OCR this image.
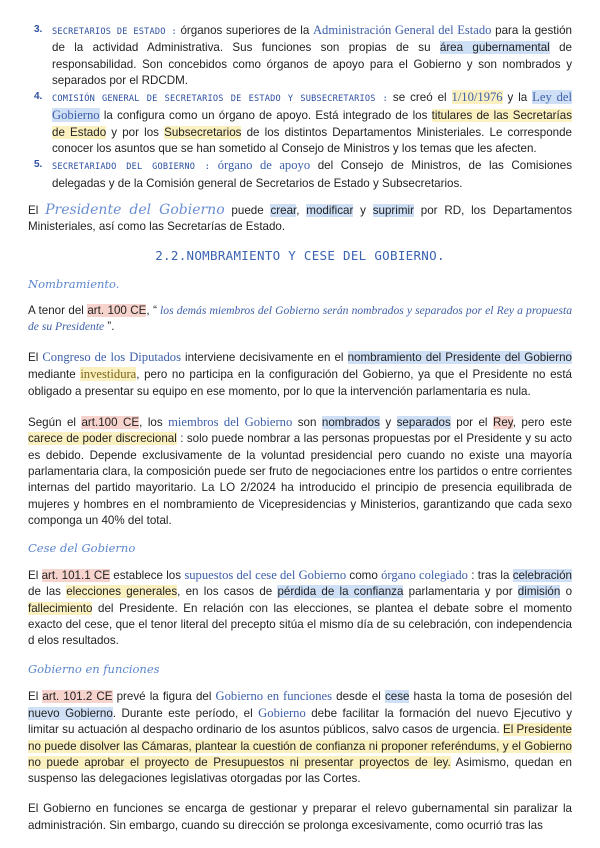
3. SECRETARIOS DE ESTADO : órganos superiores de la Administración General del Estado para la gestión de la actividad Administrativa. Sus funciones son propias de su área gubernamental de responsabilidad. Son concebidos como órganos de apoyo para el Gobierno y son nombrados y separados por el RDCDM.

4. COMISIÓN GENERAL DE SECRETARIOS DE ESTADO Y SUBSECRETARIOS : se creó el 1/10/1976 y la Ley del Gobierno la configura como un órgano de apoyo. Está integrado de los titulares de las Secretarías de Estado y por los Subsecretarios de los distintos Departamentos Ministeriales. Le corresponde conocer los asuntos que se han sometido al Consejo de Ministros y los temas que les afecten.

5. SECRETARIADO DEL GOBIERNO : órgano de apoyo del Consejo de Ministros, de las Comisiones delegadas y de la Comisión general de Secretarios de Estado y Subsecretarios.

El Presidente del Gobierno puede crear, modificar y suprimir por RD, los Departamentos Ministeriales, así como las Secretarías de Estado.

2.2.NOMBRAMIENTO Y CESE DEL GOBIERNO.
Nombramiento.

A tenor del art. 100 CE, “ los demás miembros del Gobierno serán nombrados y separados por el Rey a propuesta de su Presidente ”.

El Congreso de los Diputados interviene decisivamente en el nombramiento del Presidente del Gobierno mediante investidura, pero no participa en la configuración del Gobierno, ya que el Presidente no está obligado a presentar su equipo en ese momento, por lo que la intervención parlamentaria es nula.

Según el art.100 CE, los miembros del Gobierno son nombrados y separados por el Rey, pero este carece de poder discrecional : solo puede nombrar a las personas propuestas por el Presidente y su acto es debido. Depende exclusivamente de la voluntad presidencial pero cuando no existe una mayoría parlamentaria clara, la composición puede ser fruto de negociaciones entre los partidos o entre corrientes internas del partido mayoritario. La LO 2/2024 ha introducido el principio de presencia equilibrada de mujeres y hombres en el nombramiento de Vicepresidencias y Ministerios, garantizando que cada sexo componga un 40% del total.

Cese del Gobierno

El art. 101.1 CE establece los supuestos del cese del Gobierno como órgano colegiado : tras la celebración de las elecciones generales, en los casos de pérdida de la confianza parlamentaria y por dimisión o fallecimiento del Presidente. En relación con las elecciones, se plantea el debate sobre el momento exacto del cese, que el tenor literal del precepto sitúa el mismo día de su celebración, con independencia d elos resultados.

Gobierno en funciones

El art. 101.2 CE prevé la figura del Gobierno en funciones desde el cese hasta la toma de posesión del nuevo Gobierno. Durante este período, el Gobierno debe facilitar la formación del nuevo Ejecutivo y limitar su actuación al despacho ordinario de los asuntos públicos, salvo casos de urgencia. El Presidente no puede disolver las Cámaras, plantear la cuestión de confianza ni proponer referéndums, y el Gobierno no puede aprobar el proyecto de Presupuestos ni presentar proyectos de ley. Asimismo, quedan en suspenso las delegaciones legislativas otorgadas por las Cortes.

El Gobierno en funciones se encarga de gestionar y preparar el relevo gubernamental sin paralizar la administración. Sin embargo, cuando su dirección se prolonga excesivamente, como ocurrió tras las
